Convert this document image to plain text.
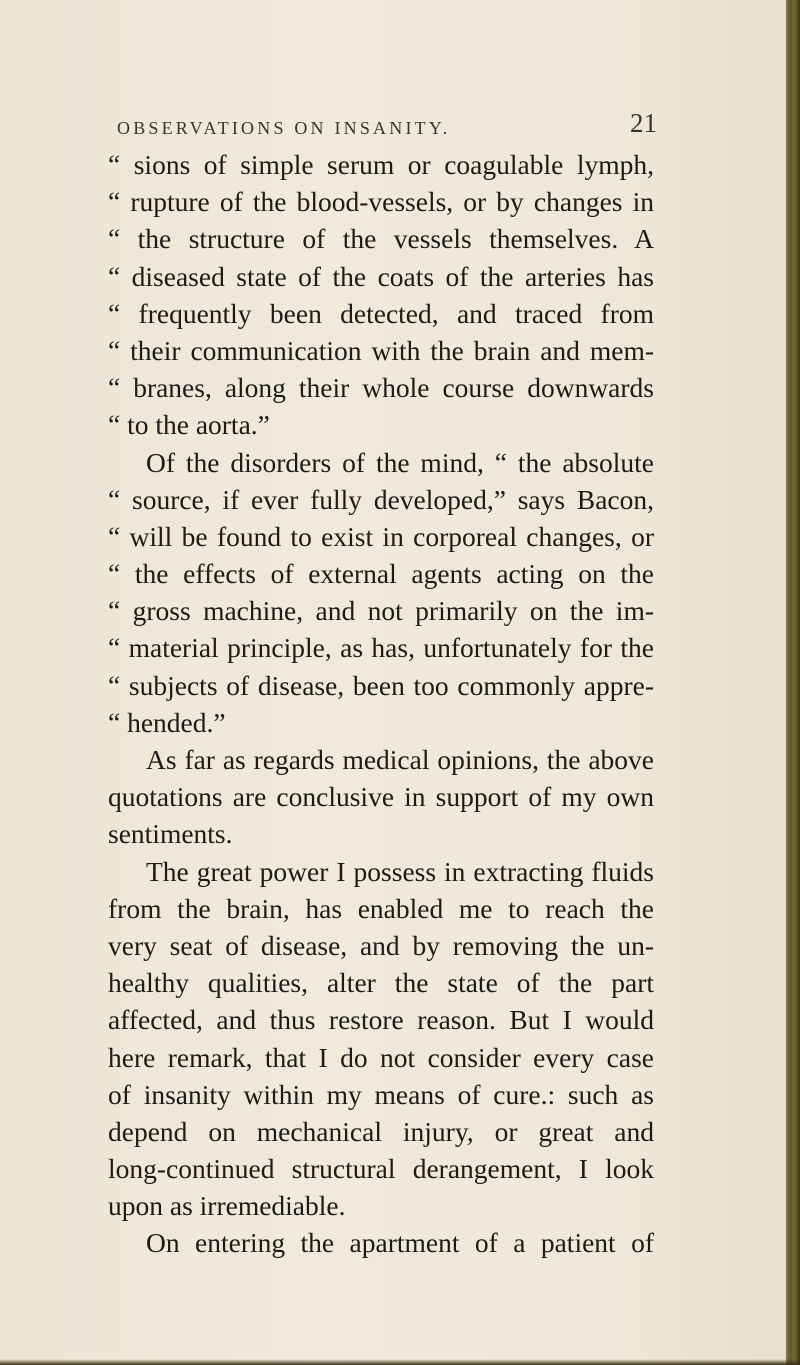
OBSERVATIONS ON INSANITY.	21
“ sions of simple serum or coagulable lymph,
“ rupture of the blood-vessels, or by changes in
“ the structure of the vessels themselves. A
“ diseased state of the coats of the arteries has
“ frequently been detected, and traced from
“ their communication with the brain and mem-
“ branes, along their whole course downwards
“ to the aorta.”
Of the disorders of the mind, “ the absolute
“ source, if ever fully developed,” says Bacon,
“ will be found to exist in corporeal changes, or
“ the effects of external agents acting on the
“ gross machine, and not primarily on the im-
“ material principle, as has, unfortunately for the
“ subjects of disease, been too commonly appre-
“ hended.”
As far as regards medical opinions, the above
quotations are conclusive in support of my own
sentiments.
The great power I possess in extracting fluids
from the brain, has enabled me to reach the
very seat of disease, and by removing the un-
healthy qualities, alter the state of the part
affected, and thus restore reason. But I would
here remark, that I do not consider every case
of insanity within my means of cure.: such as
depend on mechanical injury, or great and
long-continued structural derangement, I look
upon as irremediable.
On entering the apartment of a patient of
